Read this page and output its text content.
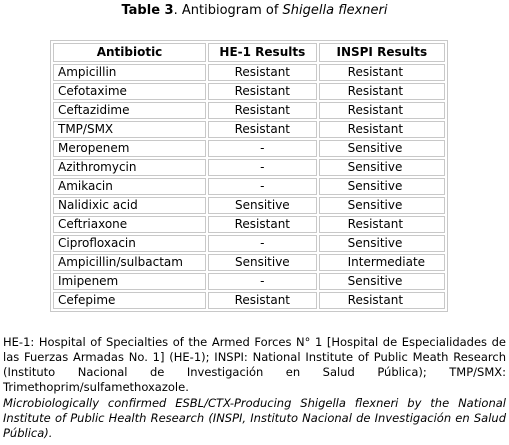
Table 3. Antibiogram of Shigella flexneri
Antibiotic	HE-1 Results	INSPI Results
Ampicillin	Resistant	Resistant
Cefotaxime	Resistant	Resistant
Ceftazidime	Resistant	Resistant
TMP/SMX	Resistant	Resistant
Meropenem	-	Sensitive
Azithromycin	-	Sensitive
Amikacin	-	Sensitive
Nalidixic acid	Sensitive	Sensitive
Ceftriaxone	Resistant	Resistant
Ciprofloxacin	-	Sensitive
Ampicillin/sulbactam	Sensitive	Intermediate
Imipenem	-	Sensitive
Cefepime	Resistant	Resistant
HE-1: Hospital of Specialties of the Armed Forces N° 1 [Hospital de Especialidades de las Fuerzas Armadas No. 1] (HE-1); INSPI: National Institute of Public Meath Research (Instituto Nacional de Investigación en Salud Pública); TMP/SMX: Trimethoprim/sulfamethoxazole.
Microbiologically confirmed ESBL/CTX-Producing Shigella flexneri by the National Institute of Public Health Research (INSPI, Instituto Nacional de Investigación en Salud Pública).
